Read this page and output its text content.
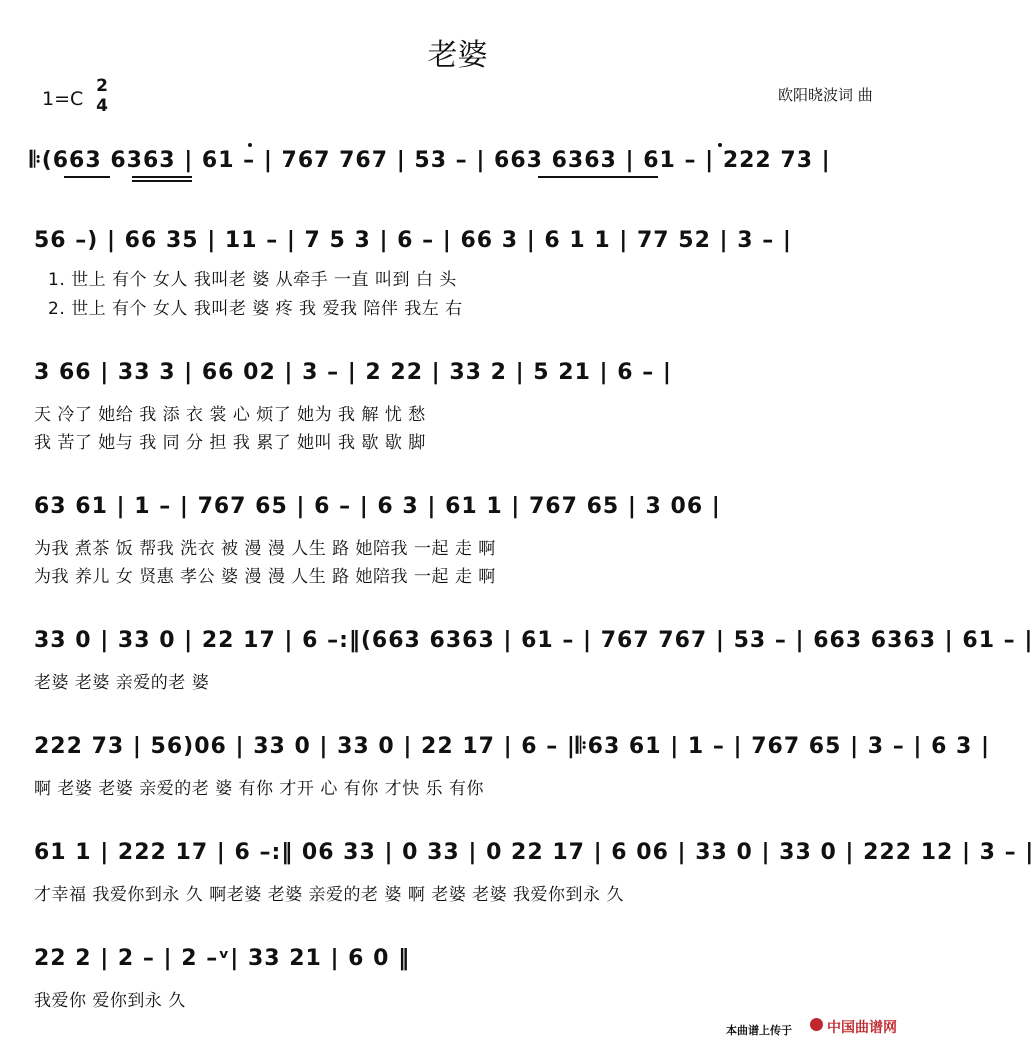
老婆
1=C
2
4
欧阳晓波词 曲
𝄆(663 6363 | 61 – | 767 767 | 53 – | 663 6363 | 61 – | 222 73 |
56 –) | 66 35 | 11 – | 7 5 3 | 6 – | 66 3 | 6 1 1 | 77 52 | 3 – |
1. 世上 有个 女人 我叫老 婆 从牵手 一直 叫到 白 头
2. 世上 有个 女人 我叫老 婆 疼 我 爱我 陪伴 我左 右
3 66 | 33 3 | 66 02 | 3 – | 2 22 | 33 2 | 5 21 | 6 – |
天 冷了 她给 我 添 衣 裳 心 烦了 她为 我 解 忧 愁
我 苦了 她与 我 同 分 担 我 累了 她叫 我 歇 歇 脚
63 61 | 1 – | 767 65 | 6 – | 6 3 | 61 1 | 767 65 | 3 06 |
为我 煮茶 饭 帮我 洗衣 被 漫 漫 人生 路 她陪我 一起 走 啊
为我 养儿 女 贤惠 孝公 婆 漫 漫 人生 路 她陪我 一起 走 啊
33 0 | 33 0 | 22 17 | 6 –:‖(663 6363 | 61 – | 767 767 | 53 – | 663 6363 | 61 – |
老婆 老婆 亲爱的老 婆
222 73 | 56)06 | 33 0 | 33 0 | 22 17 | 6 – |𝄆63 61 | 1 – | 767 65 | 3 – | 6 3 |
啊 老婆 老婆 亲爱的老 婆 有你 才开 心 有你 才快 乐 有你
61 1 | 222 17 | 6 –:‖ 06 33 | 0 33 | 0 22 17 | 6 06 | 33 0 | 33 0 | 222 12 | 3 – |
才幸福 我爱你到永 久 啊老婆 老婆 亲爱的老 婆 啊 老婆 老婆 我爱你到永 久
22 2 | 2 – | 2 –ᵛ| 33 21 | 6 0 ‖
我爱你 爱你到永 久
本曲谱上传于	中国曲谱网
